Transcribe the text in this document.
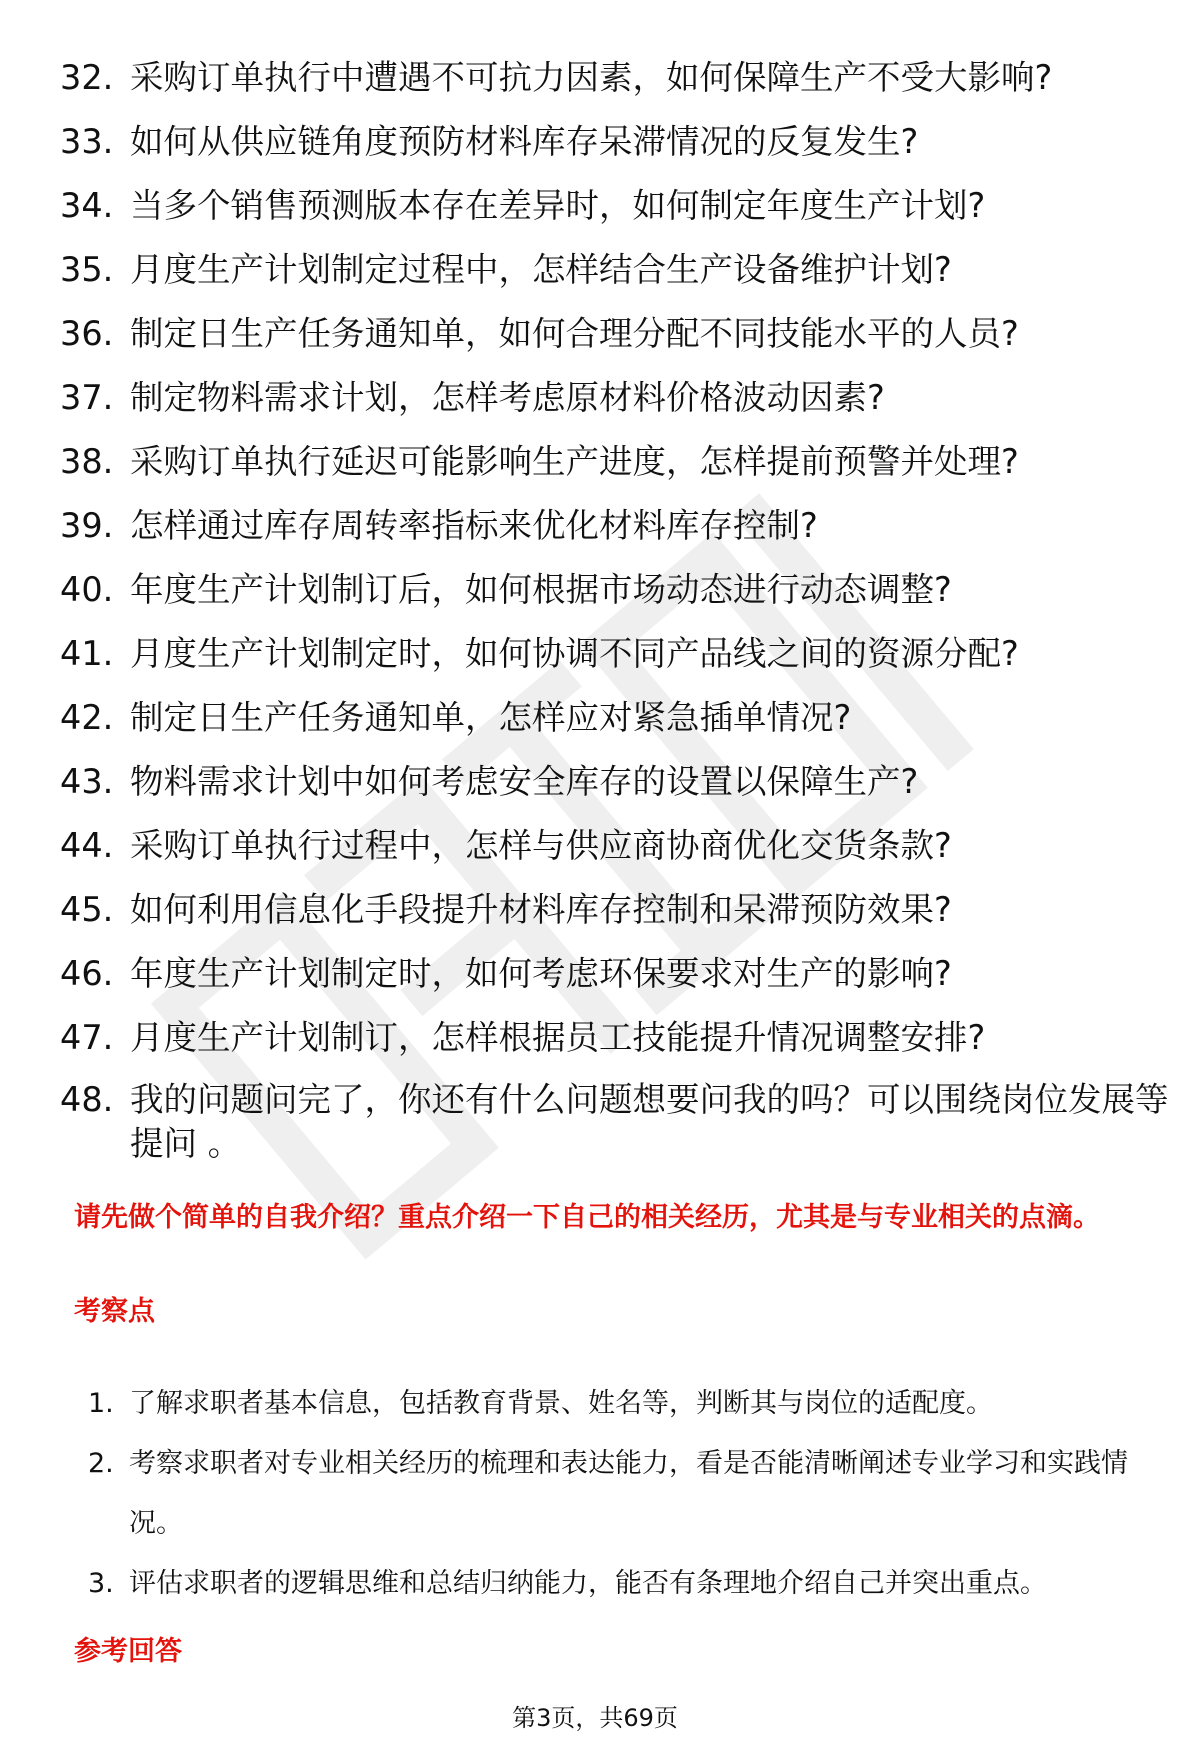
32. 采购订单执行中遭遇不可抗力因素，如何保障生产不受大影响?
33. 如何从供应链角度预防材料库存呆滞情况的反复发生?
34. 当多个销售预测版本存在差异时，如何制定年度生产计划?
35. 月度生产计划制定过程中，怎样结合生产设备维护计划?
36. 制定日生产任务通知单，如何合理分配不同技能水平的人员?
37. 制定物料需求计划，怎样考虑原材料价格波动因素?
38. 采购订单执行延迟可能影响生产进度，怎样提前预警并处理?
39. 怎样通过库存周转率指标来优化材料库存控制?
40. 年度生产计划制订后，如何根据市场动态进行动态调整?
41. 月度生产计划制定时，如何协调不同产品线之间的资源分配?
42. 制定日生产任务通知单，怎样应对紧急插单情况?
43. 物料需求计划中如何考虑安全库存的设置以保障生产?
44. 采购订单执行过程中，怎样与供应商协商优化交货条款?
45. 如何利用信息化手段提升材料库存控制和呆滞预防效果?
46. 年度生产计划制定时，如何考虑环保要求对生产的影响?
47. 月度生产计划制订，怎样根据员工技能提升情况调整安排?
48. 我的问题问完了，你还有什么问题想要问我的吗？可以围绕岗位发展等提问 。
请先做个简单的自我介绍？重点介绍一下自己的相关经历，尤其是与专业相关的点滴。
考察点
1. 了解求职者基本信息，包括教育背景、姓名等，判断其与岗位的适配度。
2. 考察求职者对专业相关经历的梳理和表达能力，看是否能清晰阐述专业学习和实践情况。
3. 评估求职者的逻辑思维和总结归纳能力，能否有条理地介绍自己并突出重点。
参考回答
第3页，共69页
